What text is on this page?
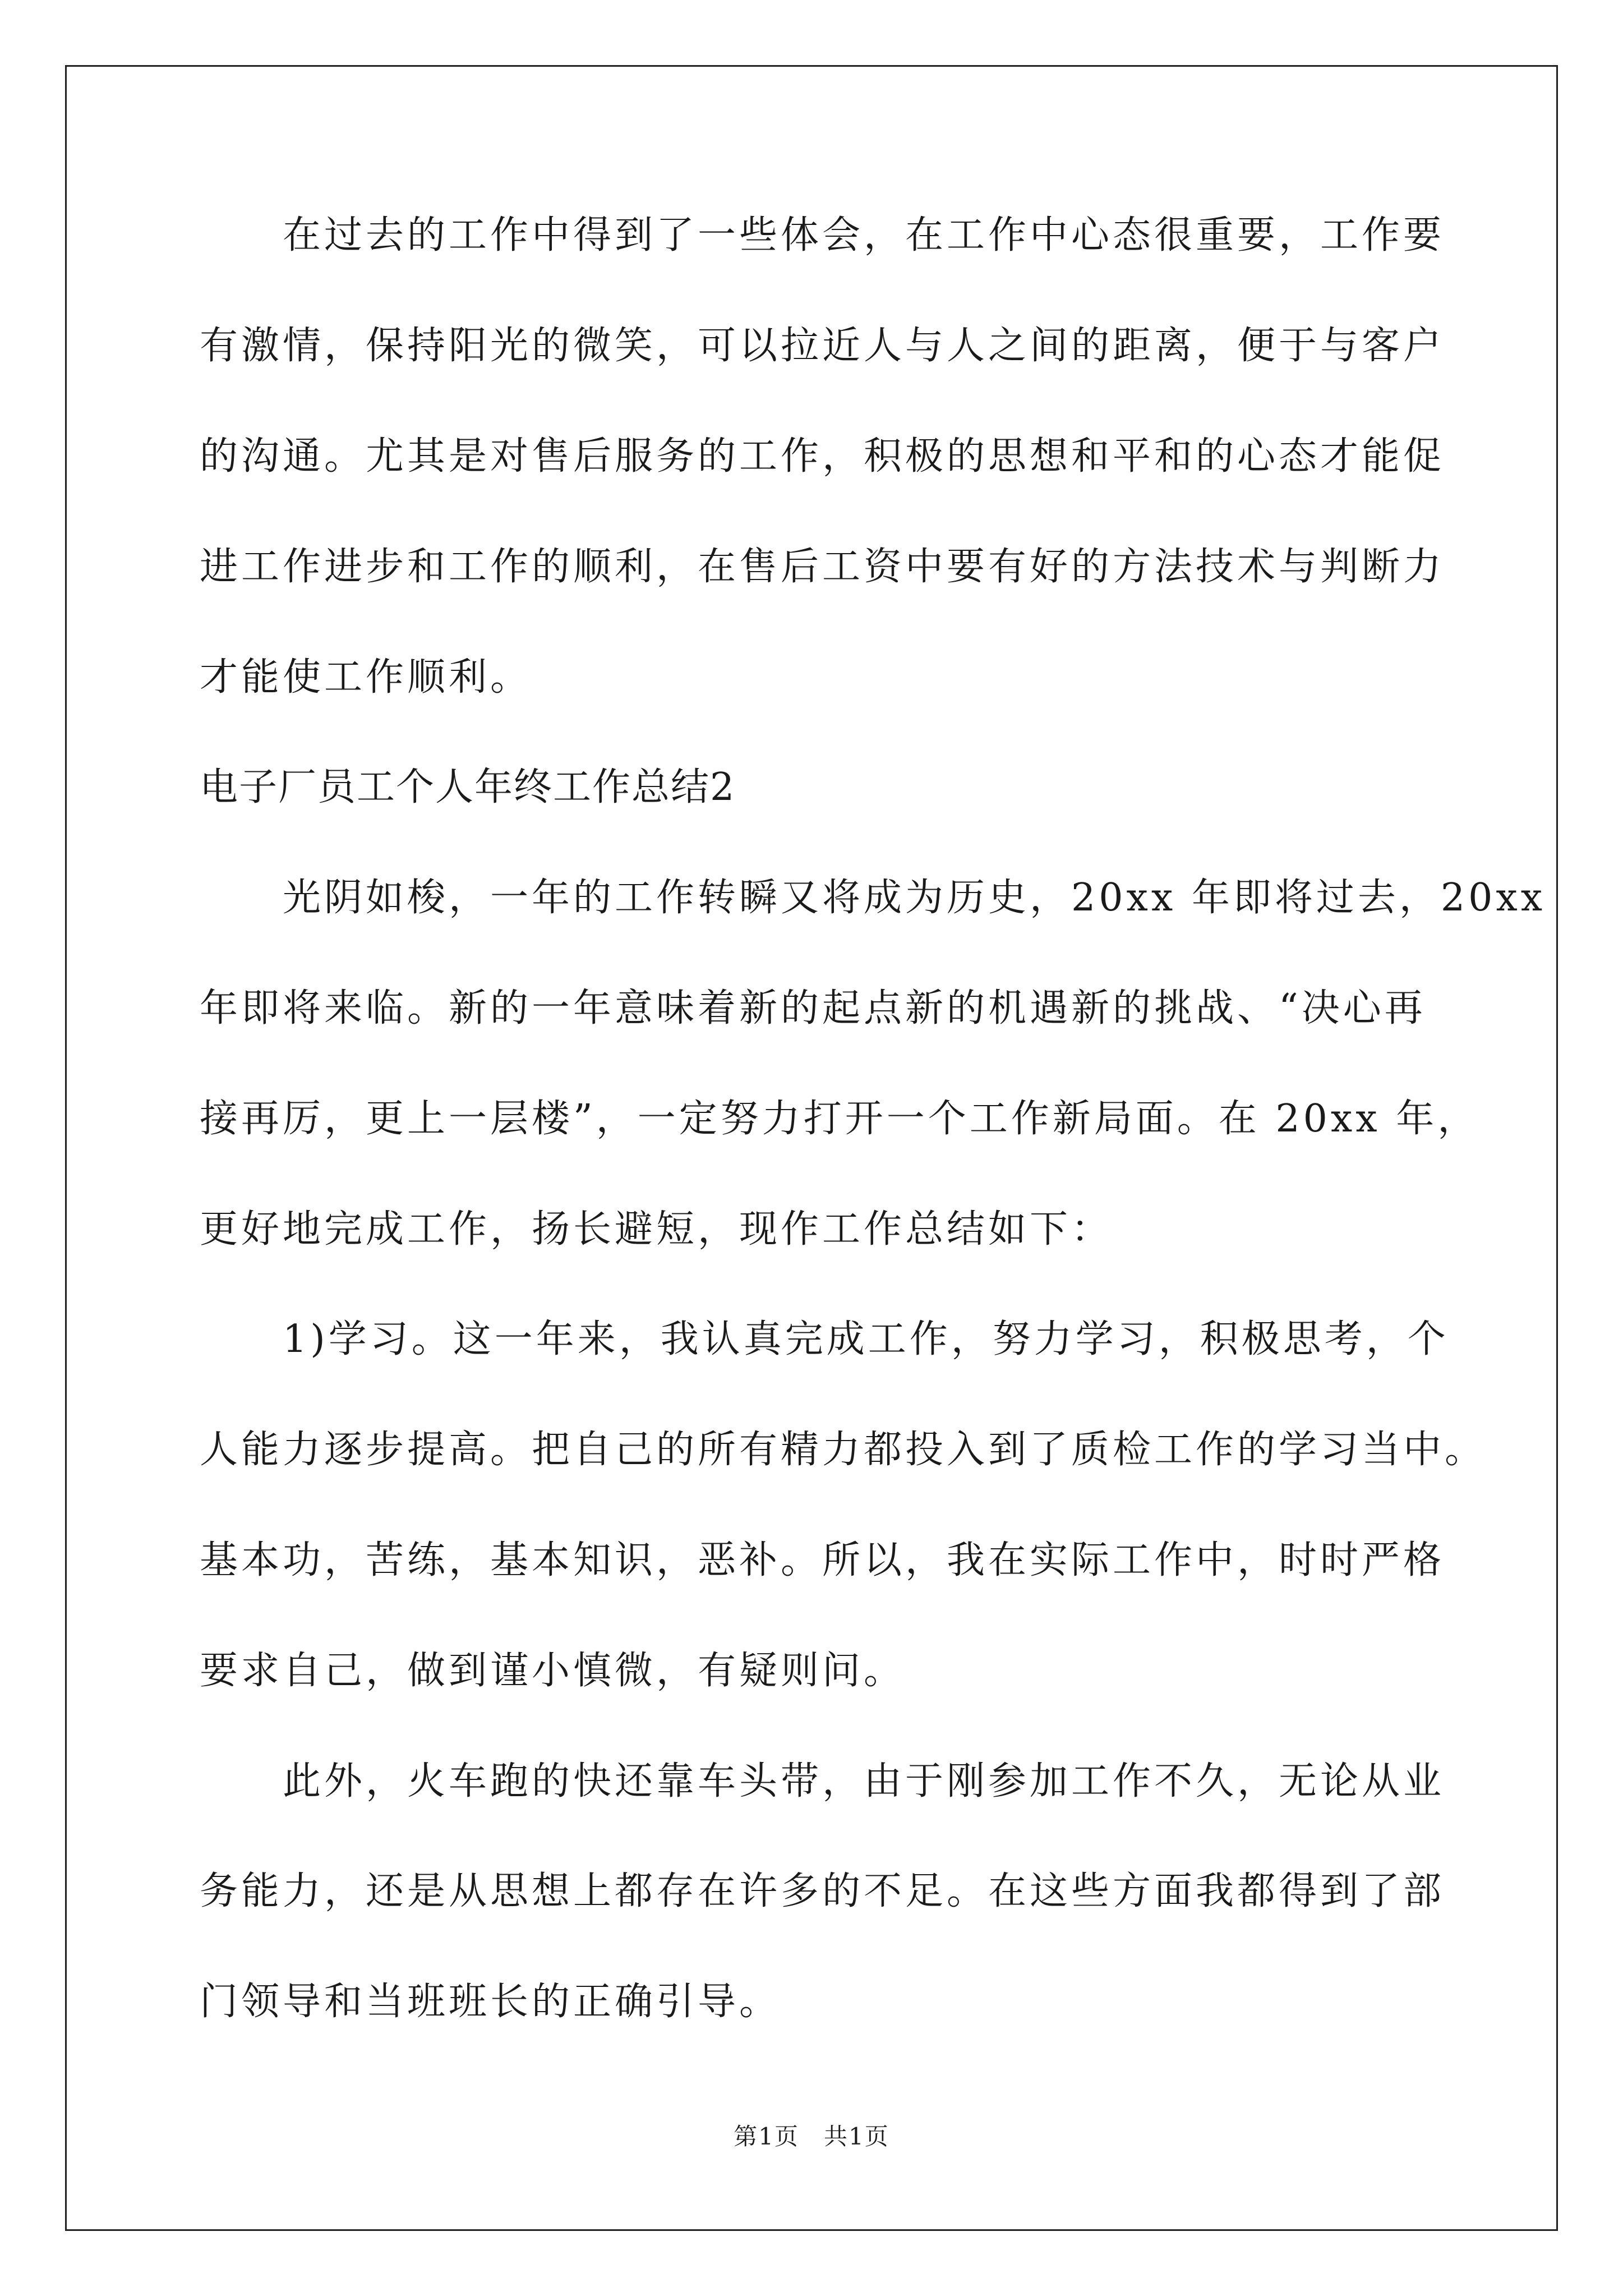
在过去的工作中得到了一些体会，在工作中心态很重要，工作要
有激情，保持阳光的微笑，可以拉近人与人之间的距离，便于与客户
的沟通。尤其是对售后服务的工作，积极的思想和平和的心态才能促
进工作进步和工作的顺利，在售后工资中要有好的方法技术与判断力
才能使工作顺利。
电子厂员工个人年终工作总结2
光阴如梭，一年的工作转瞬又将成为历史，20xx 年即将过去，20xx
年即将来临。新的一年意味着新的起点新的机遇新的挑战、“决心再
接再厉，更上一层楼”，一定努力打开一个工作新局面。在 20xx 年，
更好地完成工作，扬长避短，现作工作总结如下：
1)学习。这一年来，我认真完成工作，努力学习，积极思考，个
人能力逐步提高。把自己的所有精力都投入到了质检工作的学习当中。
基本功，苦练，基本知识，恶补。所以，我在实际工作中，时时严格
要求自己，做到谨小慎微，有疑则问。
此外，火车跑的快还靠车头带，由于刚参加工作不久，无论从业
务能力，还是从思想上都存在许多的不足。在这些方面我都得到了部
门领导和当班班长的正确引导。
第1页 共1页
